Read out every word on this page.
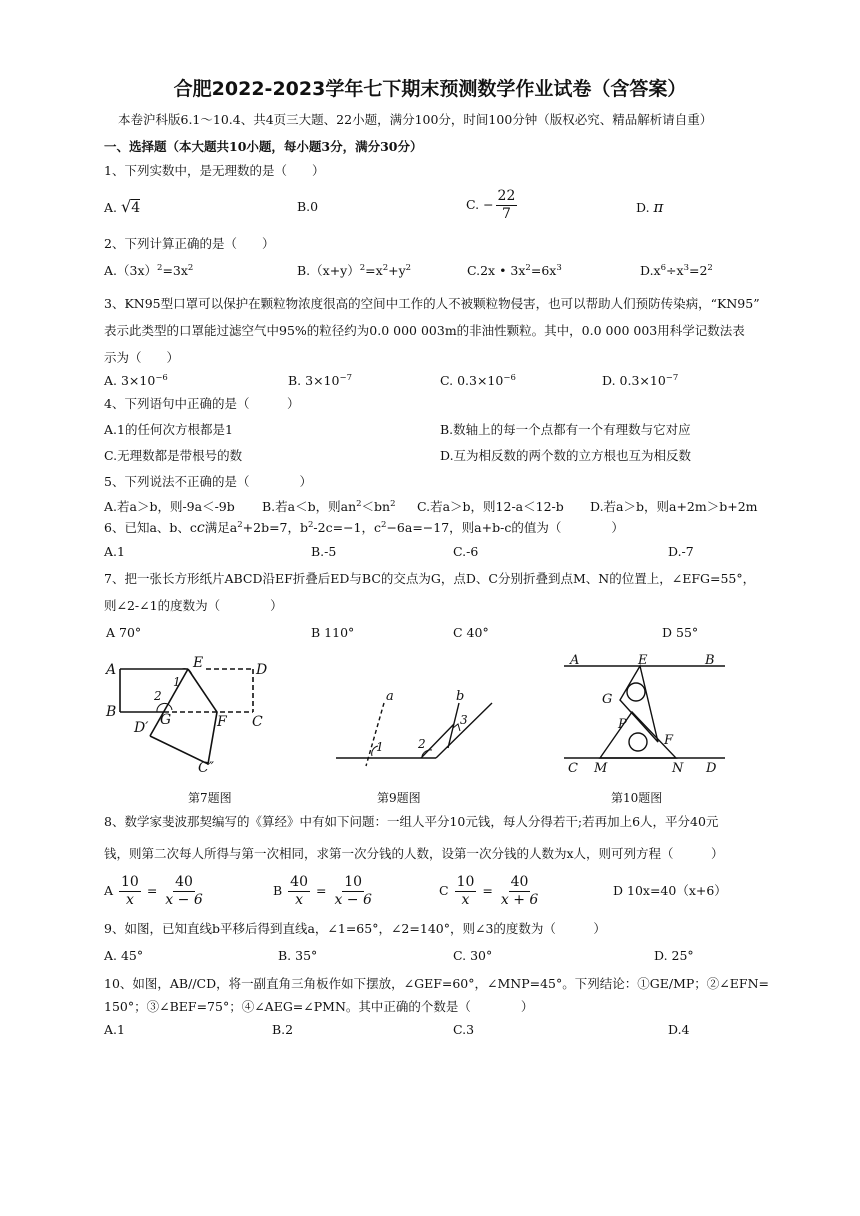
合肥2022-2023学年七下期末预测数学作业试卷（含答案）
本卷沪科版6.1～10.4、共4页三大题、22小题，满分100分，时间100分钟（版权必究、精品解析请自重）
一、选择题（本大题共10小题，每小题3分，满分30分）
1、下列实数中，是无理数的是（　　）
A. √4	B.0	C. − $\frac{22}{7}$	D. π
2、下列计算正确的是（　　）
$A.(3x)^2=3x^2$	$B.(x+y)^2=x^2+y^2$	C.2x • $3x^2=6x^3$	$D.x^6\div x^3=2^2$
3、KN95型口罩可以保护在颗粒物浓度很高的空间中工作的人不被颗粒物侵害，也可以帮助人们预防传染病，“KN95”
表示此类型的口罩能过滤空气中95%的粒径约为0.0 000 003m的非油性颗粒。其中，0.0 000 003用科学记数法表
示为（　　）
A. $3\times 10^{-6}$	B. $3\times 10^{-7}$	C. $0.3\times 10^{-6}$	D. $0.3\times 10^{-7}$
4、下列语句中正确的是（　　　）
A.1的任何次方根都是1	B.数轴上的每一个点都有一个有理数与它对应
C.无理数都是带根号的数	D.互为相反数的两个数的立方根也互为相反数
5、下列说法不正确的是（　　　　）
A.若a＞b，则-9a＜-9b B.若a＜b，则$an^2<bn^2$ C.若a＞b，则12-a＜12-b D.若a＞b，则a+2m＞b+2m
6、已知a、b、cc满足$a^2+2b=7$，$b^2-2c=-1$，$c^2-6a=-17$，则a+b-c的值为（　　　　）
A.1	B.-5	C.-6	D.-7
7、把一张长方形纸片ABCD沿EF折叠后ED与BC的交点为G，点D、C分别折叠到点M、N的位置上，∠EFG=55°，
则∠2-∠1的度数为（　　　　）
A 70°	B 110°	C 40°	D 55°
A	E	D
1
2
B
D′ G	F C
C″
a	b
1	2
3
A	E	B
G
P
F
C M	N D
第7题图	第9题图	第10题图
8、数学家斐波那契编写的《算经》中有如下问题：一组人平分10元钱，每人分得若干;若再加上6人，平分40元
钱，则第二次每人所得与第一次相同，求第一次分钱的人数，设第一次分钱的人数为x人，则可列方程（　　　）
A $\frac{10}{x} = \frac{40}{x - 6}$	B $\frac{40}{x} = \frac{10}{x - 6}$	C $\frac{10}{x} = \frac{40}{x + 6}$	D 10x=40（x+6）
9、如图，已知直线b平移后得到直线a，∠1=65°，∠2=140°，则∠3的度数为（　　　）
A. 45°	B. 35°	C. 30°	D. 25°
10、如图，AB//CD，将一副直角三角板作如下摆放，∠GEF=60°，∠MNP=45°。下列结论：①GE/MP；②∠EFN=
150°；③∠BEF=75°；④∠AEG=∠PMN。其中正确的个数是（　　　　）
A.1	B.2	C.3	D.4
